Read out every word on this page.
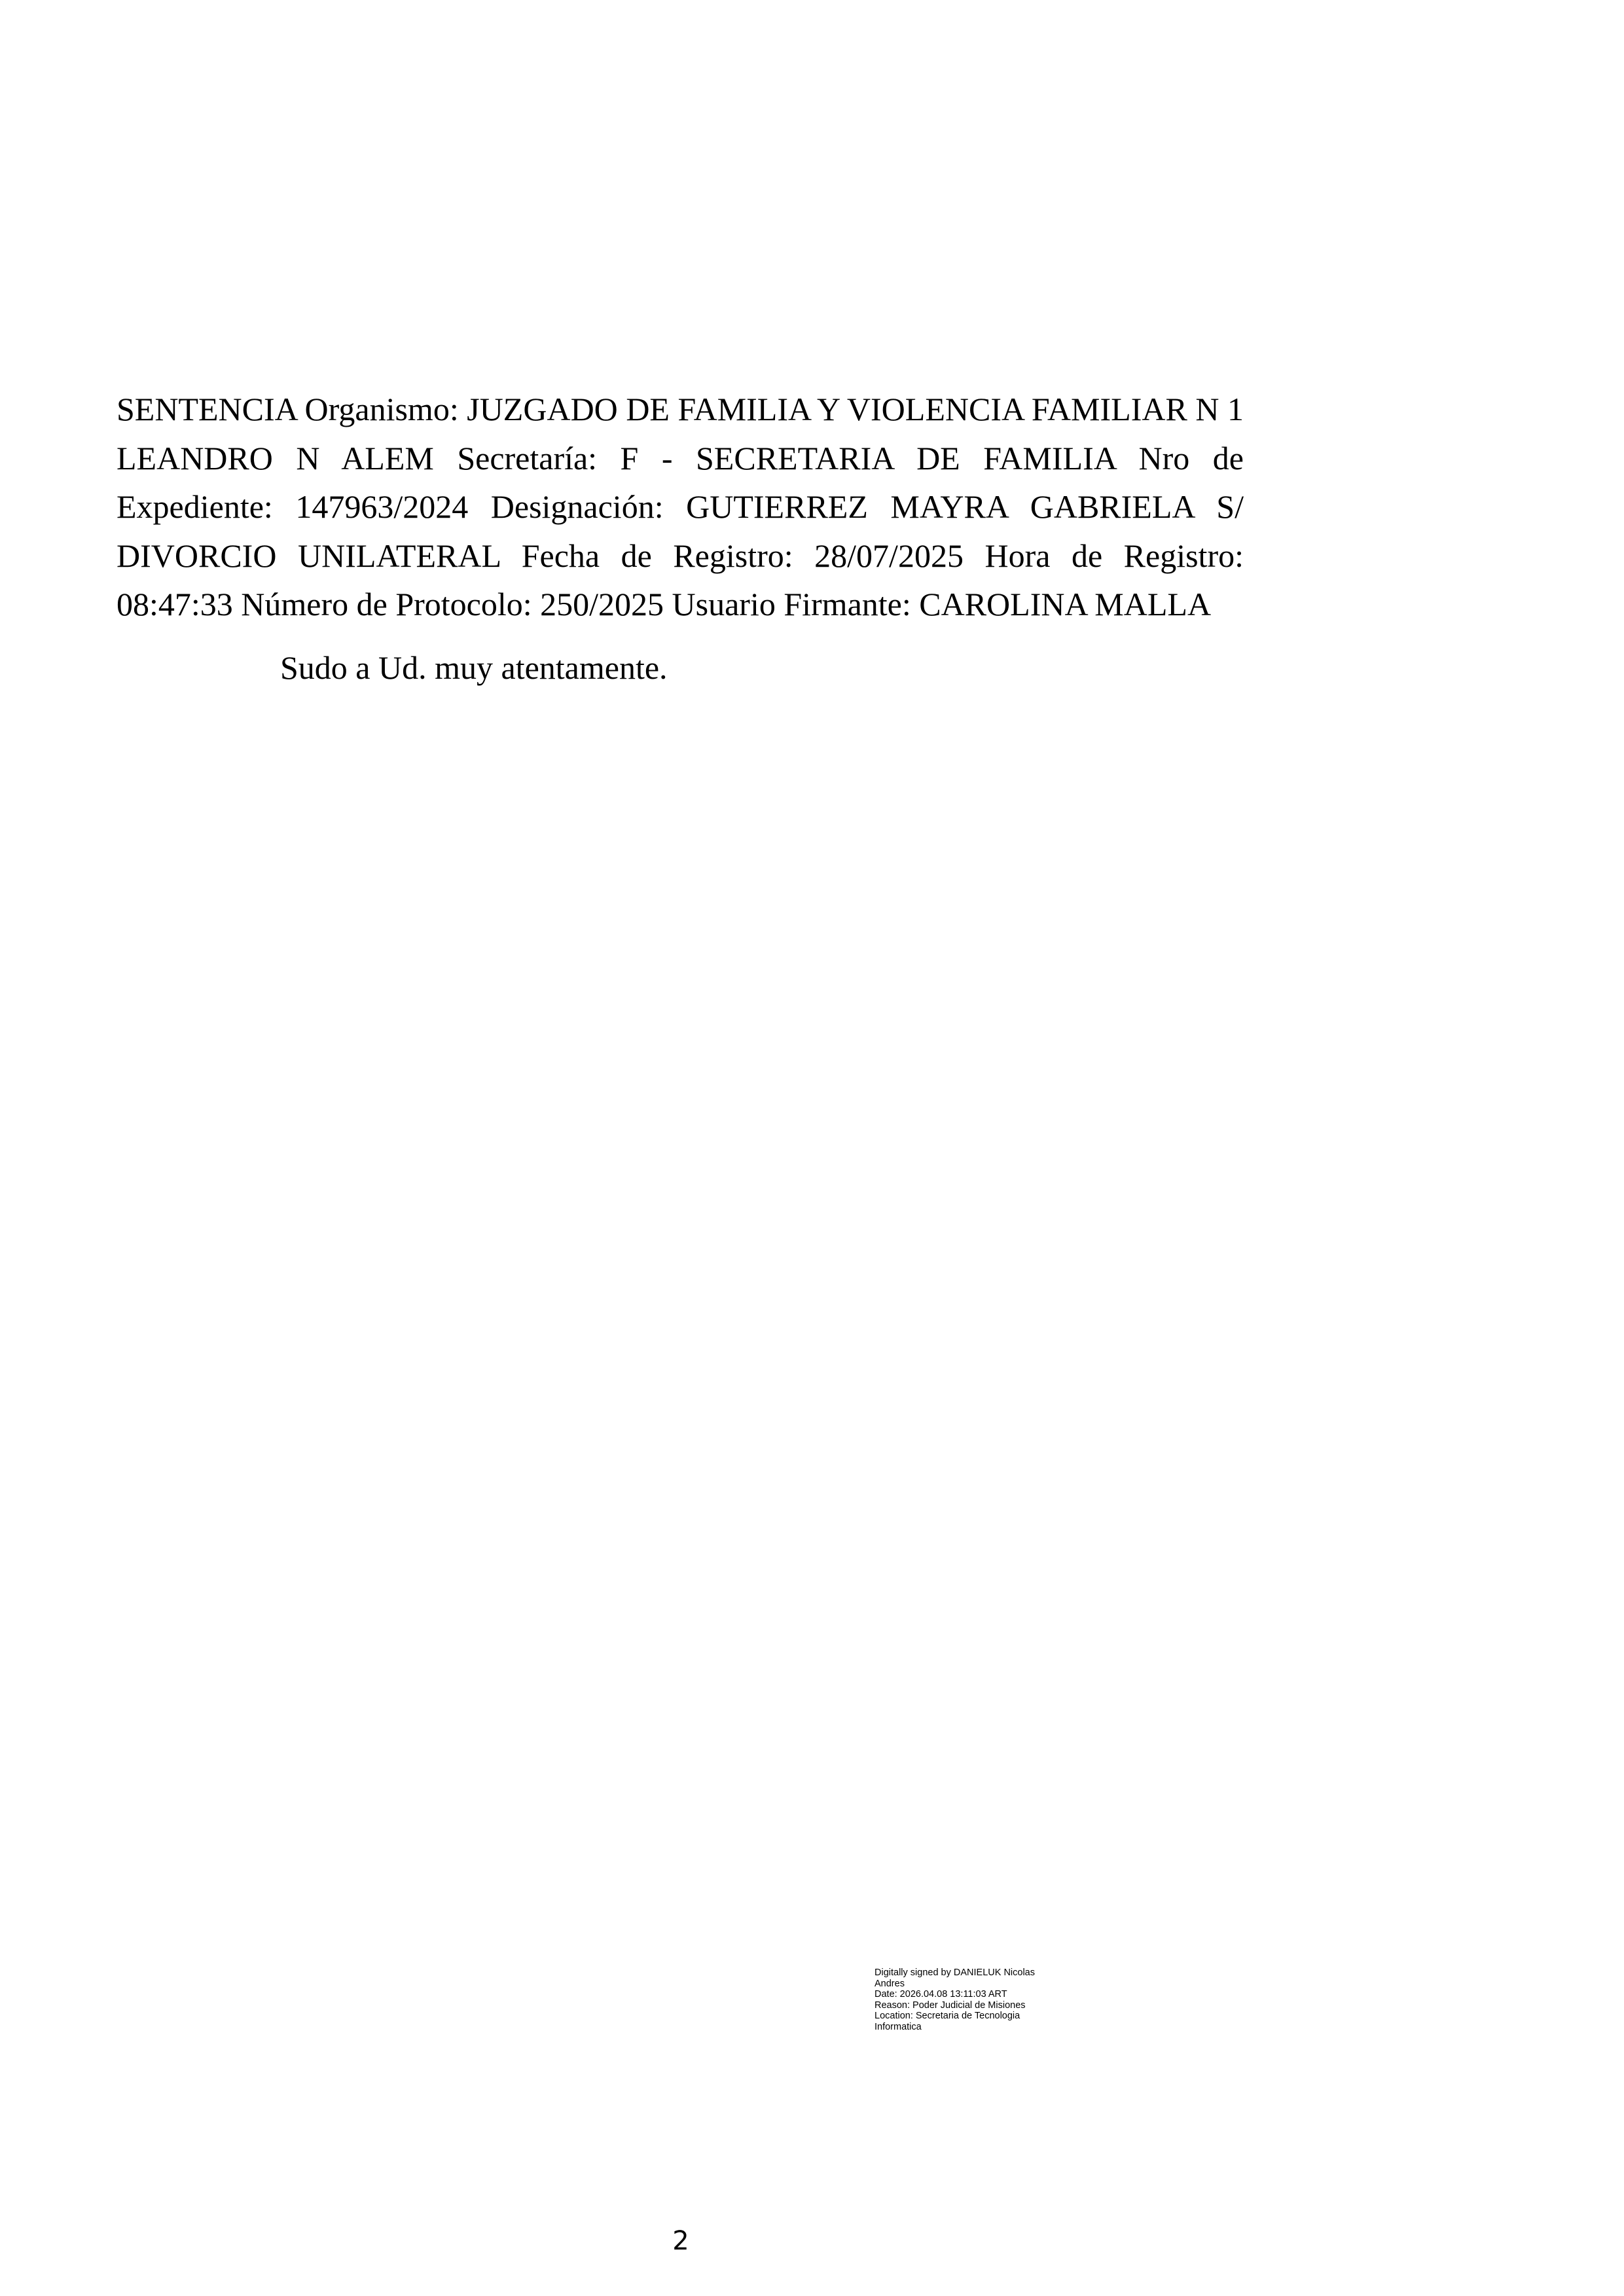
SENTENCIA Organismo: JUZGADO DE FAMILIA Y VIOLENCIA FAMILIAR N 1 LEANDRO N ALEM Secretaría: F - SECRETARIA DE FAMILIA Nro de Expediente: 147963/2024 Designación: GUTIERREZ MAYRA GABRIELA S/ DIVORCIO UNILATERAL Fecha de Registro: 28/07/2025 Hora de Registro: 08:47:33 Número de Protocolo: 250/2025 Usuario Firmante: CAROLINA MALLA

Sudo a Ud. muy atentamente.

Digitally signed by DANIELUK Nicolas
Andres
Date: 2026.04.08 13:11:03 ART
Reason: Poder Judicial de Misiones
Location: Secretaria de Tecnologia
Informatica
2
